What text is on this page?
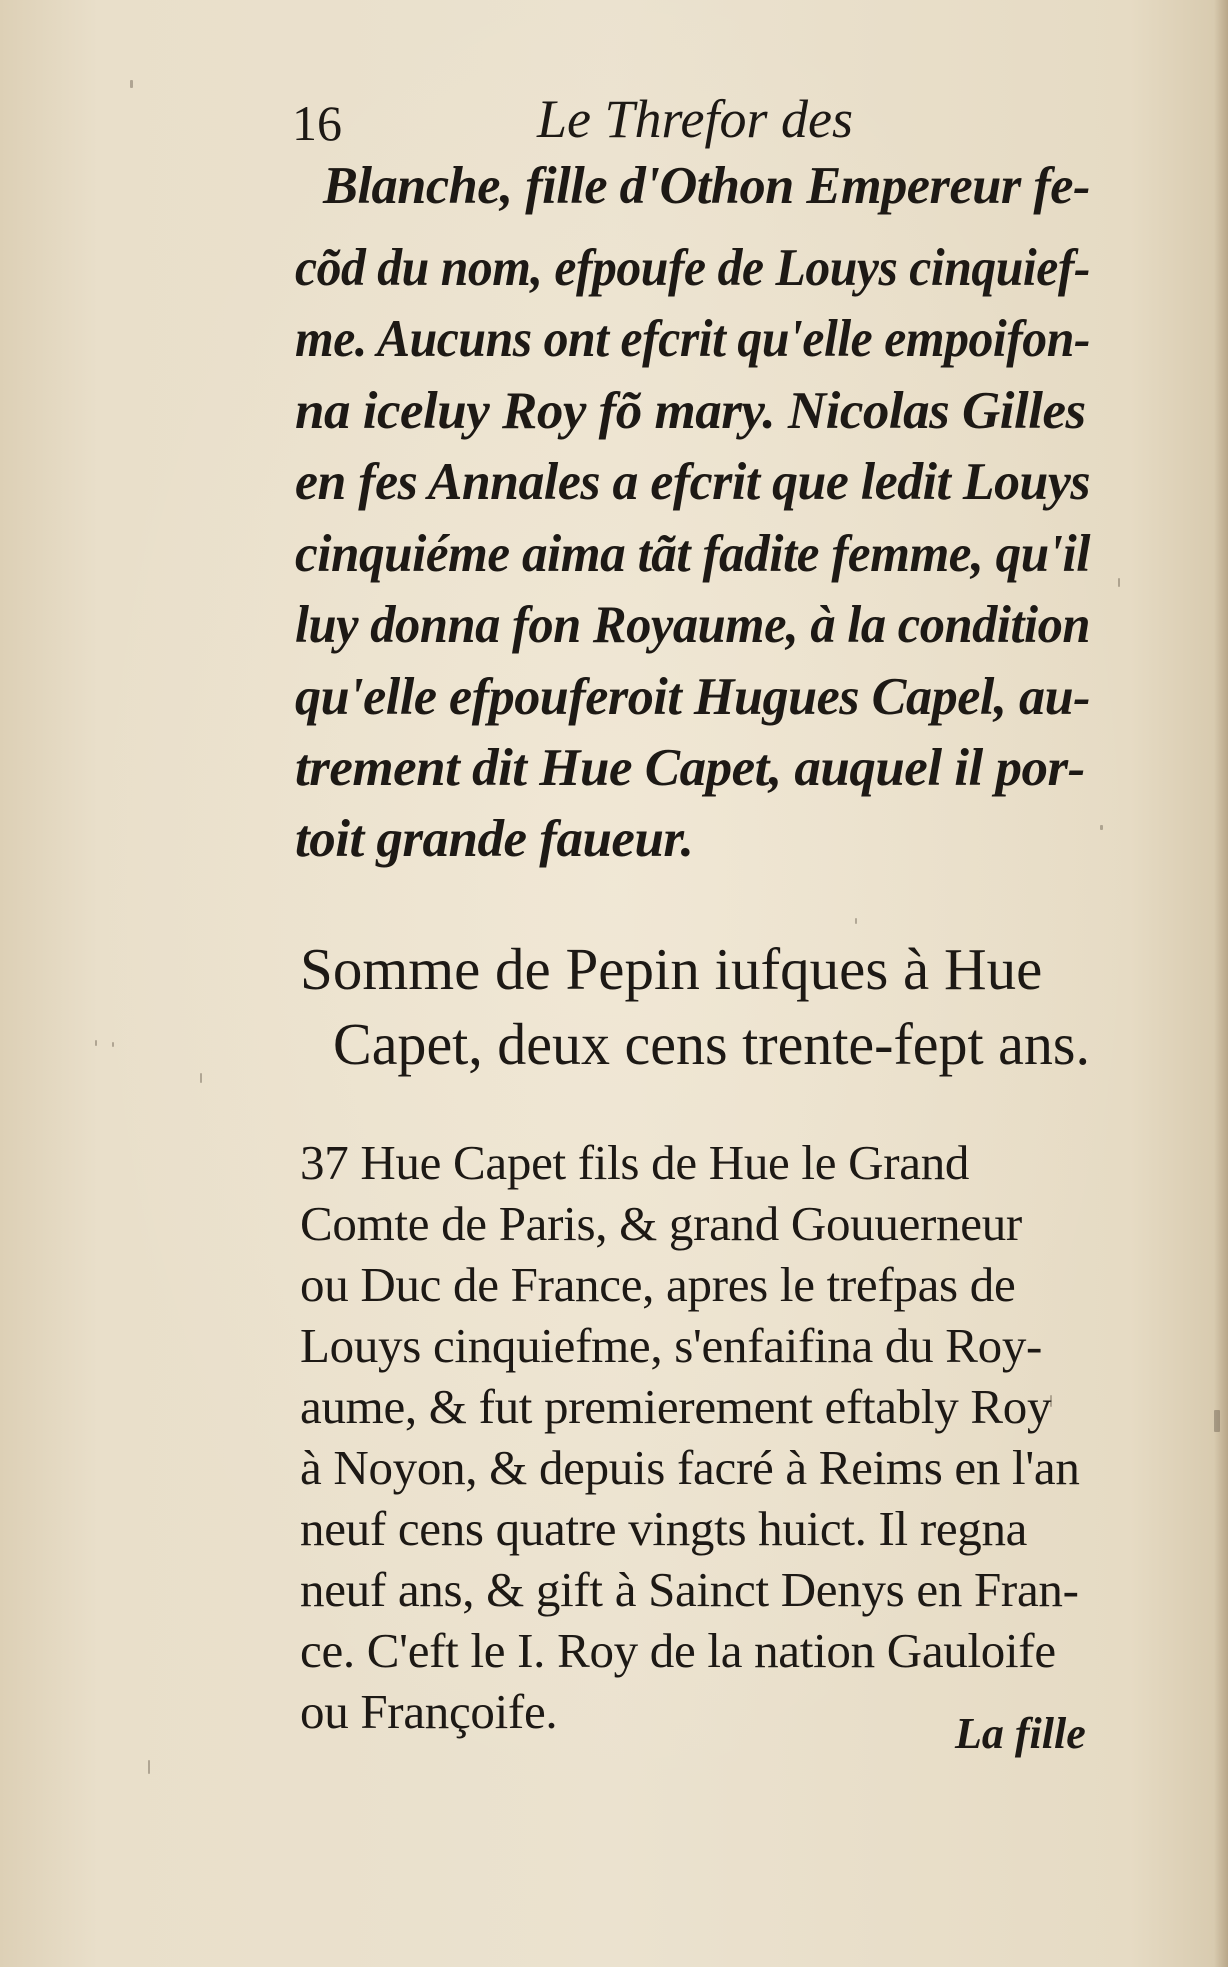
16	Le Threfor des
Blanche, fille d'Othon Empereur fe-
cõd du nom, efpoufe de Louys cinquief-
me. Aucuns ont efcrit qu'elle empoifon-
na iceluy Roy fõ mary. Nicolas Gilles
en fes Annales a efcrit que ledit Louys
cinquiéme aima tãt fadite femme, qu'il
luy donna fon Royaume, à la condition
qu'elle efpouferoit Hugues Capel, au-
trement dit Hue Capet, auquel il por-
toit grande faueur.
Somme de Pepin iufques à Hue
Capet, deux cens trente-fept ans.
37 Hue Capet fils de Hue le Grand
Comte de Paris, & grand Gouuerneur
ou Duc de France, apres le trefpas de
Louys cinquiefme, s'enfaifina du Roy-
aume, & fut premierement eftably Roy
à Noyon, & depuis facré à Reims en l'an
neuf cens quatre vingts huict. Il regna
neuf ans, & gift à Sainct Denys en Fran-
ce. C'eft le I. Roy de la nation Gauloife
ou Françoife.	La fille
